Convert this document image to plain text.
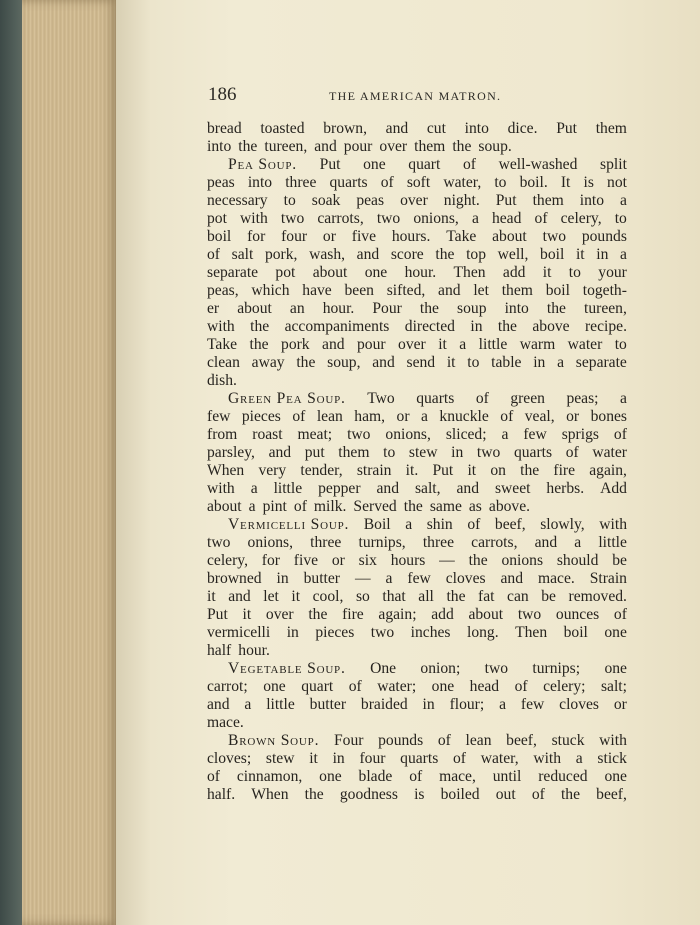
186	THE AMERICAN MATRON.
bread toasted brown, and cut into dice. Put them
into the tureen, and pour over them the soup.
Pea Soup. Put one quart of well-washed split
peas into three quarts of soft water, to boil. It is not
necessary to soak peas over night. Put them into a
pot with two carrots, two onions, a head of celery, to
boil for four or five hours. Take about two pounds
of salt pork, wash, and score the top well, boil it in a
separate pot about one hour. Then add it to your
peas, which have been sifted, and let them boil togeth-
er about an hour. Pour the soup into the tureen,
with the accompaniments directed in the above recipe.
Take the pork and pour over it a little warm water to
clean away the soup, and send it to table in a separate
dish.
Green Pea Soup. Two quarts of green peas; a
few pieces of lean ham, or a knuckle of veal, or bones
from roast meat; two onions, sliced; a few sprigs of
parsley, and put them to stew in two quarts of water
When very tender, strain it. Put it on the fire again,
with a little pepper and salt, and sweet herbs. Add
about a pint of milk. Served the same as above.
Vermicelli Soup. Boil a shin of beef, slowly, with
two onions, three turnips, three carrots, and a little
celery, for five or six hours — the onions should be
browned in butter — a few cloves and mace. Strain
it and let it cool, so that all the fat can be removed.
Put it over the fire again; add about two ounces of
vermicelli in pieces two inches long. Then boil one
half hour.
Vegetable Soup. One onion; two turnips; one
carrot; one quart of water; one head of celery; salt;
and a little butter braided in flour; a few cloves or
mace.
Brown Soup. Four pounds of lean beef, stuck with
cloves; stew it in four quarts of water, with a stick
of cinnamon, one blade of mace, until reduced one
half. When the goodness is boiled out of the beef,
